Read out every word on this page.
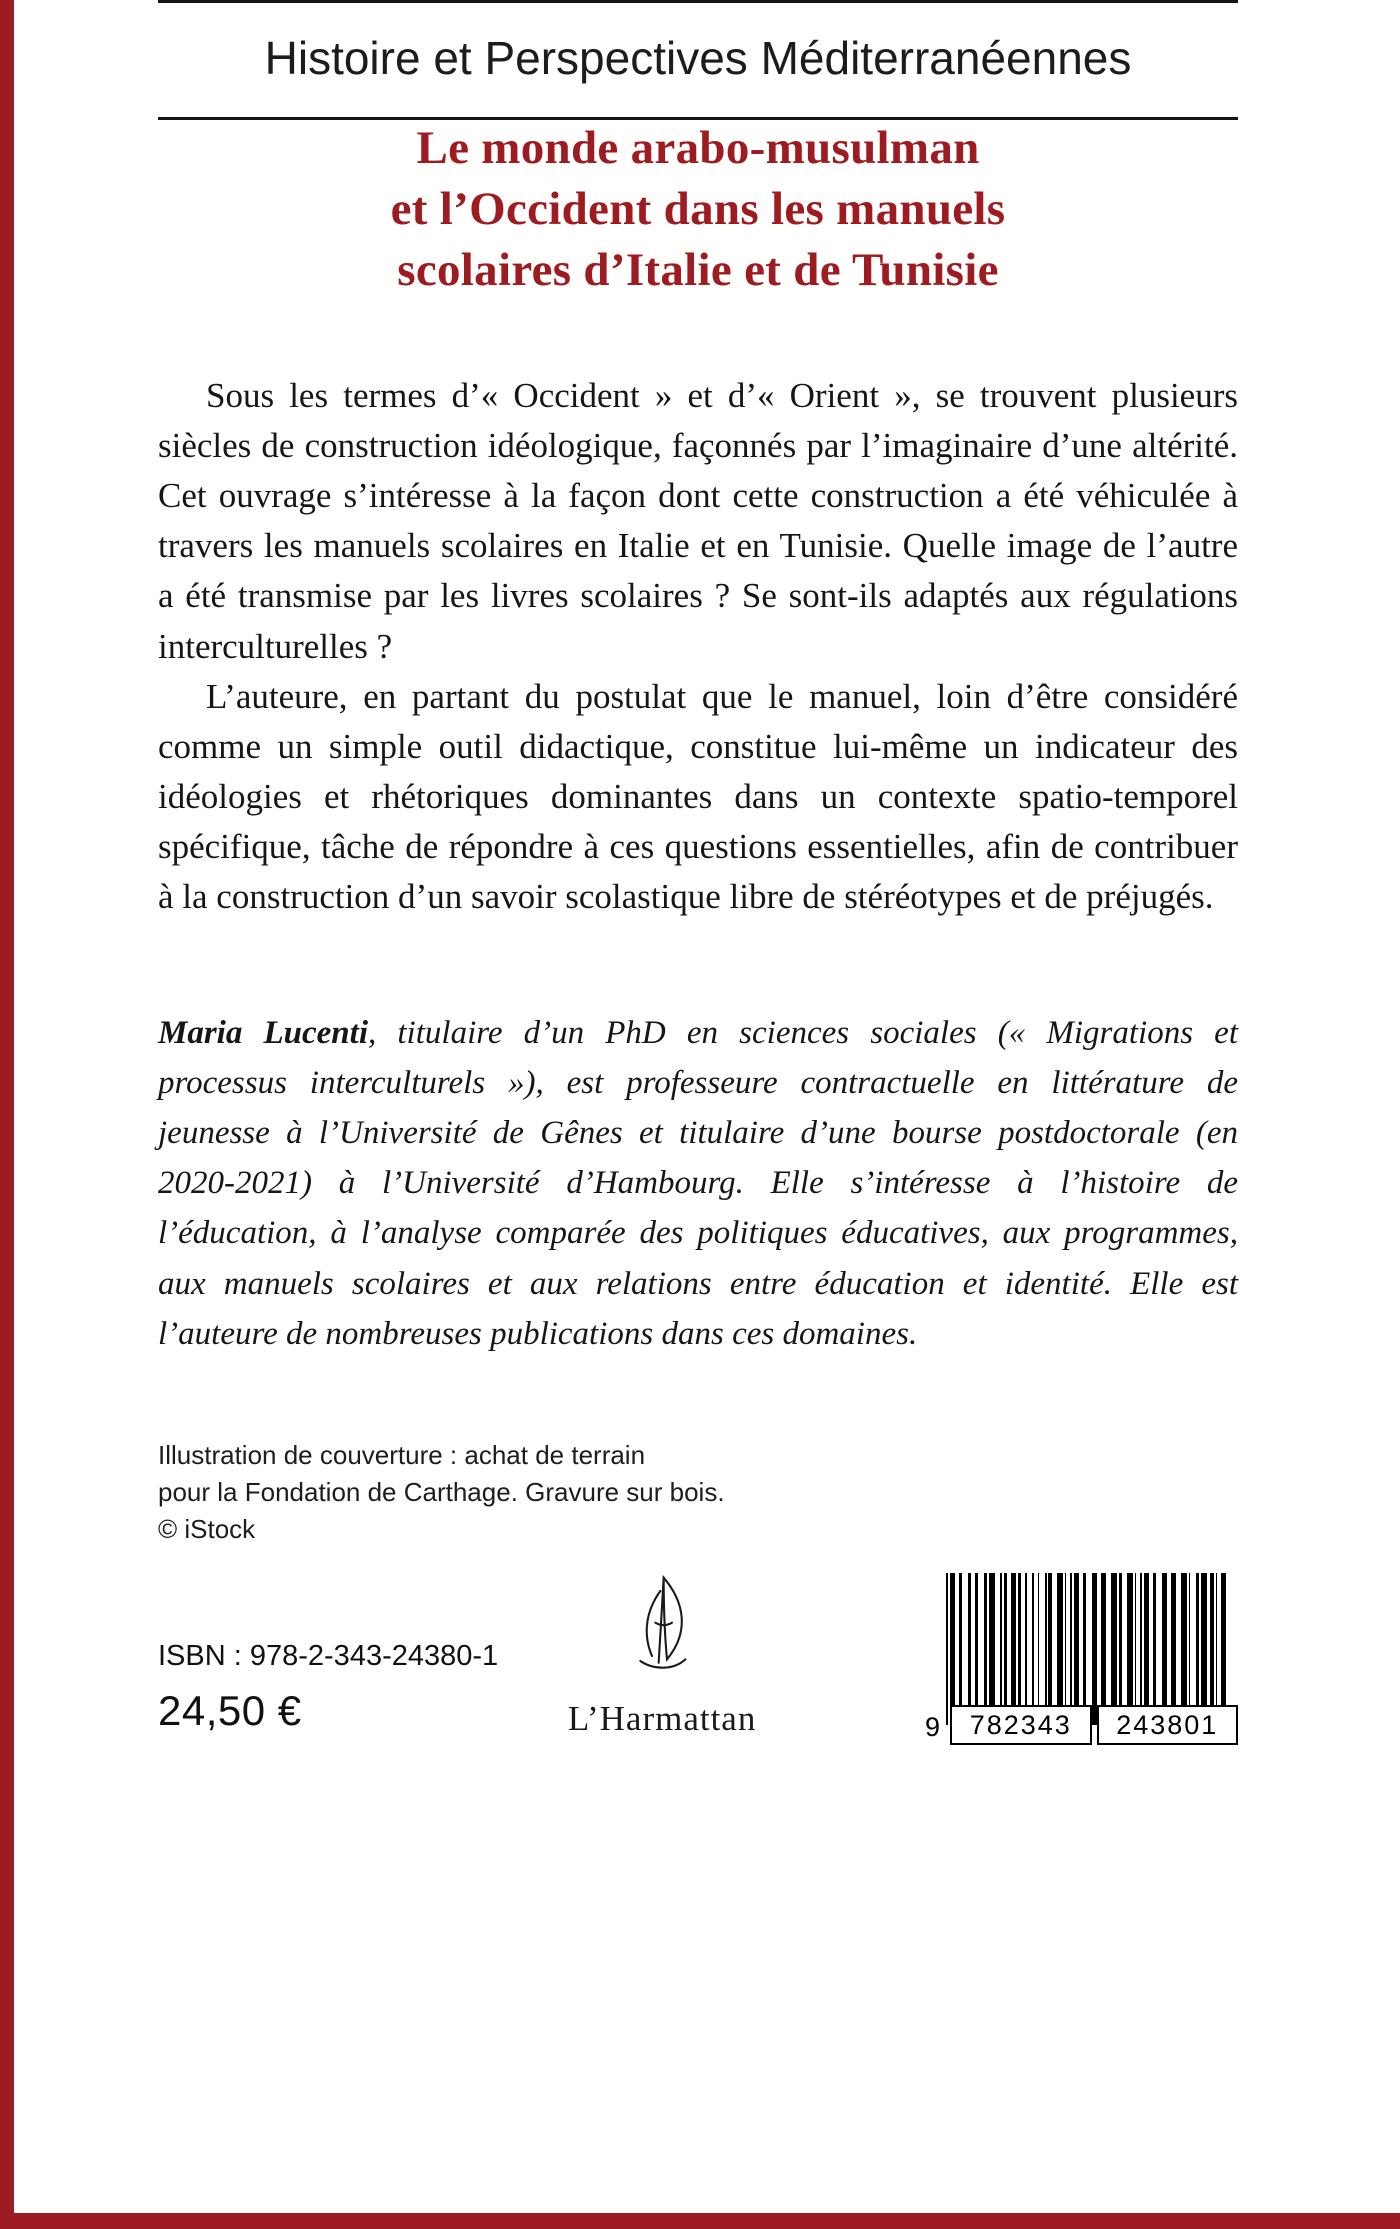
Le monde arabo-musulman
et l’Occident dans les manuels
scolaires d’Italie et de Tunisie

Sous les termes d’« Occident » et d’« Orient », se trouvent plusieurs siècles de construction idéologique, façonnés par l’imaginaire d’une altérité. Cet ouvrage s’intéresse à la façon dont cette construction a été véhiculée à travers les manuels scolaires en Italie et en Tunisie. Quelle image de l’autre a été transmise par les livres scolaires ? Se sont-ils adaptés aux régulations interculturelles ?

L’auteure, en partant du postulat que le manuel, loin d’être considéré comme un simple outil didactique, constitue lui-même un indicateur des idéologies et rhétoriques dominantes dans un contexte spatio-temporel spécifique, tâche de répondre à ces questions essentielles, afin de contribuer à la construction d’un savoir scolastique libre de stéréotypes et de préjugés.

Maria Lucenti, titulaire d’un PhD en sciences sociales (« Migrations et processus interculturels »), est professeure contractuelle en littérature de jeunesse à l’Université de Gênes et titulaire d’une bourse postdoctorale (en 2020-2021) à l’Université d’Hambourg. Elle s’intéresse à l’histoire de l’éducation, à l’analyse comparée des politiques éducatives, aux programmes, aux manuels scolaires et aux relations entre éducation et identité. Elle est l’auteure de nombreuses publications dans ces domaines.

Illustration de couverture : achat de terrain
pour la Fondation de Carthage. Gravure sur bois.
© iStock
ISBN : 978-2-343-24380-1
24,50 €	L’Harmattan	9	782343	243801
Histoire et Perspectives Méditerranéennes
